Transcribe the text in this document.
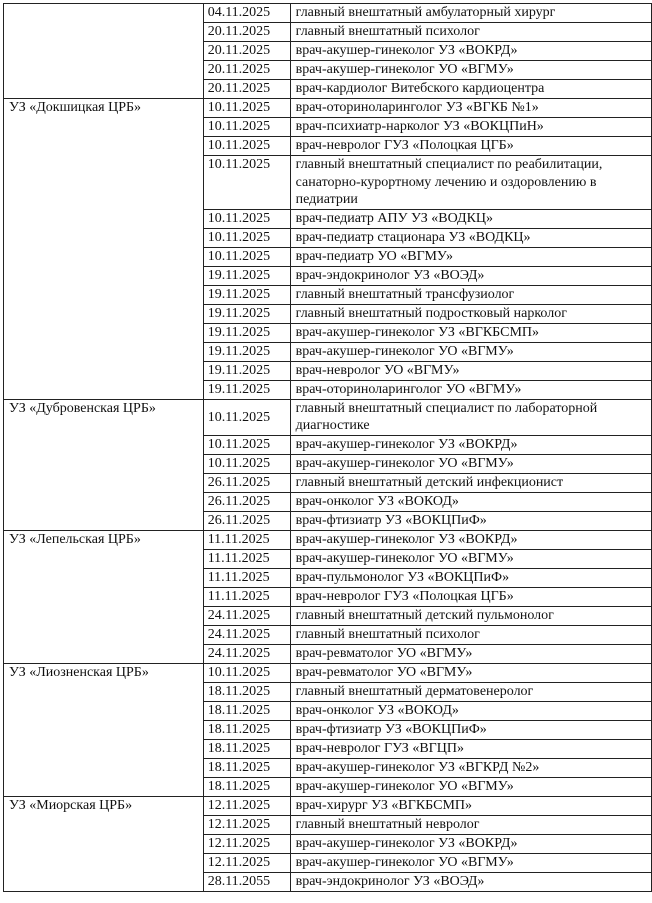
	04.11.2025	главный внештатный амбулаторный хирург
	20.11.2025	главный внештатный психолог
	20.11.2025	врач-акушер-гинеколог УЗ «ВОКРД»
	20.11.2025	врач-акушер-гинеколог УО «ВГМУ»
	20.11.2025	врач-кардиолог Витебского кардиоцентра
УЗ «Докшицкая ЦРБ»	10.11.2025	врач-оториноларинголог УЗ «ВГКБ №1»
	10.11.2025	врач-психиатр-нарколог УЗ «ВОКЦПиН»
	10.11.2025	врач-невролог ГУЗ «Полоцкая ЦГБ»
	10.11.2025	главный внештатный специалист по реабилитации, санаторно-курортному лечению и оздоровлению в педиатрии
	10.11.2025	врач-педиатр АПУ УЗ «ВОДКЦ»
	10.11.2025	врач-педиатр стационара УЗ «ВОДКЦ»
	10.11.2025	врач-педиатр УО «ВГМУ»
	19.11.2025	врач-эндокринолог УЗ «ВОЭД»
	19.11.2025	главный внештатный трансфузиолог
	19.11.2025	главный внештатный подростковый нарколог
	19.11.2025	врач-акушер-гинеколог УЗ «ВГКБСМП»
	19.11.2025	врач-акушер-гинеколог УО «ВГМУ»
	19.11.2025	врач-невролог УО «ВГМУ»
	19.11.2025	врач-оториноларинголог УО «ВГМУ»
УЗ «Дубровенская ЦРБ»	10.11.2025	главный внештатный специалист по лабораторной диагностике
	10.11.2025	врач-акушер-гинеколог УЗ «ВОКРД»
	10.11.2025	врач-акушер-гинеколог УО «ВГМУ»
	26.11.2025	главный внештатный детский инфекционист
	26.11.2025	врач-онколог УЗ «ВОКОД»
	26.11.2025	врач-фтизиатр УЗ «ВОКЦПиФ»
УЗ «Лепельская ЦРБ»	11.11.2025	врач-акушер-гинеколог УЗ «ВОКРД»
	11.11.2025	врач-акушер-гинеколог УО «ВГМУ»
	11.11.2025	врач-пульмонолог УЗ «ВОКЦПиФ»
	11.11.2025	врач-невролог ГУЗ «Полоцкая ЦГБ»
	24.11.2025	главный внештатный детский пульмонолог
	24.11.2025	главный внештатный психолог
	24.11.2025	врач-ревматолог УО «ВГМУ»
УЗ «Лиозненская ЦРБ»	10.11.2025	врач-ревматолог УО «ВГМУ»
	18.11.2025	главный внештатный дерматовенеролог
	18.11.2025	врач-онколог УЗ «ВОКОД»
	18.11.2025	врач-фтизиатр УЗ «ВОКЦПиФ»
	18.11.2025	врач-невролог ГУЗ «ВГЦП»
	18.11.2025	врач-акушер-гинеколог УЗ «ВГКРД №2»
	18.11.2025	врач-акушер-гинеколог УО «ВГМУ»
УЗ «Миорская ЦРБ»	12.11.2025	врач-хирург УЗ «ВГКБСМП»
	12.11.2025	главный внештатный невролог
	12.11.2025	врач-акушер-гинеколог УЗ «ВОКРД»
	12.11.2025	врач-акушер-гинеколог УО «ВГМУ»
	28.11.2055	врач-эндокринолог УЗ «ВОЭД»
